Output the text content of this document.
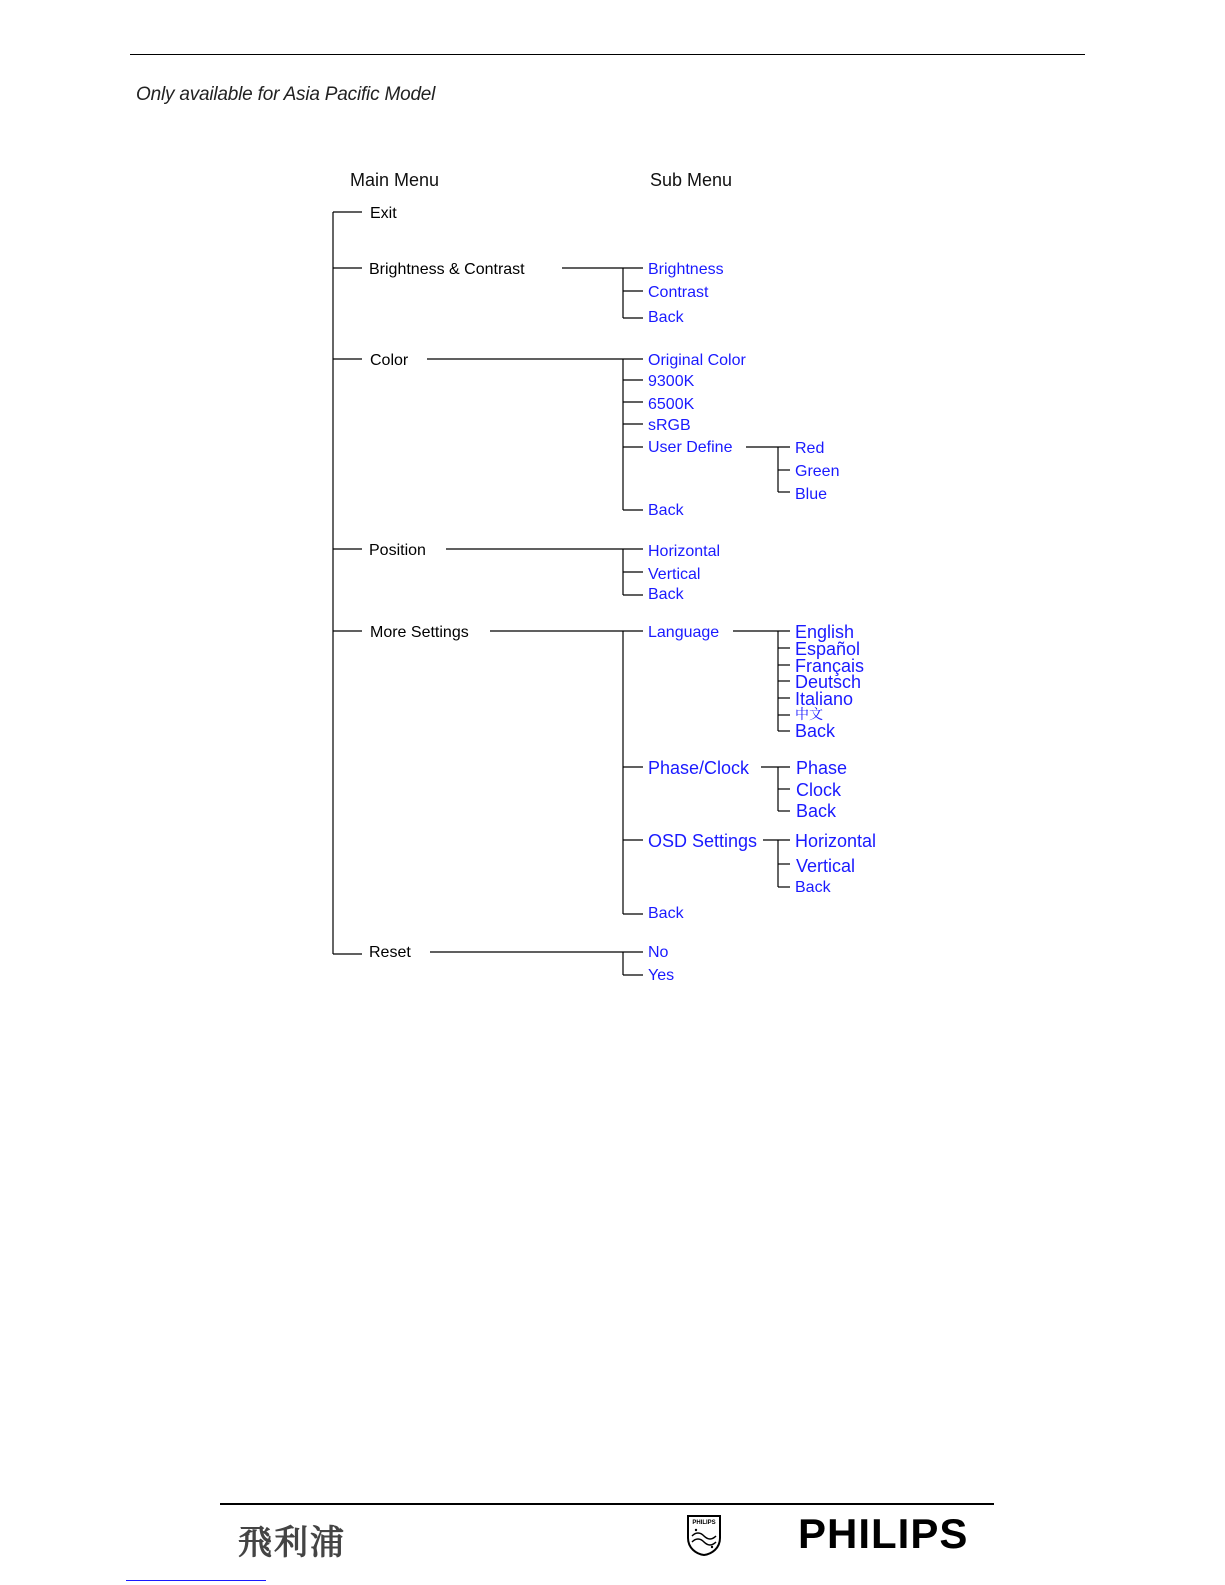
Only available for Asia Pacific Model
Main Menu	Sub Menu
Exit
Brightness & Contrast
Color
Position
More Settings
Reset
Brightness
Contrast
Back
Original Color
9300K
6500K
sRGB
User Define
Back
Red
Green
Blue
Horizontal
Vertical
Back
Language
Phase/Clock
OSD Settings
Back
English
Español
Français
Deutsch
Italiano
中文
Back
Phase
Clock
Back
Horizontal
Vertical
Back
No
Yes
飛利浦	PHILIPS PHILIPS
